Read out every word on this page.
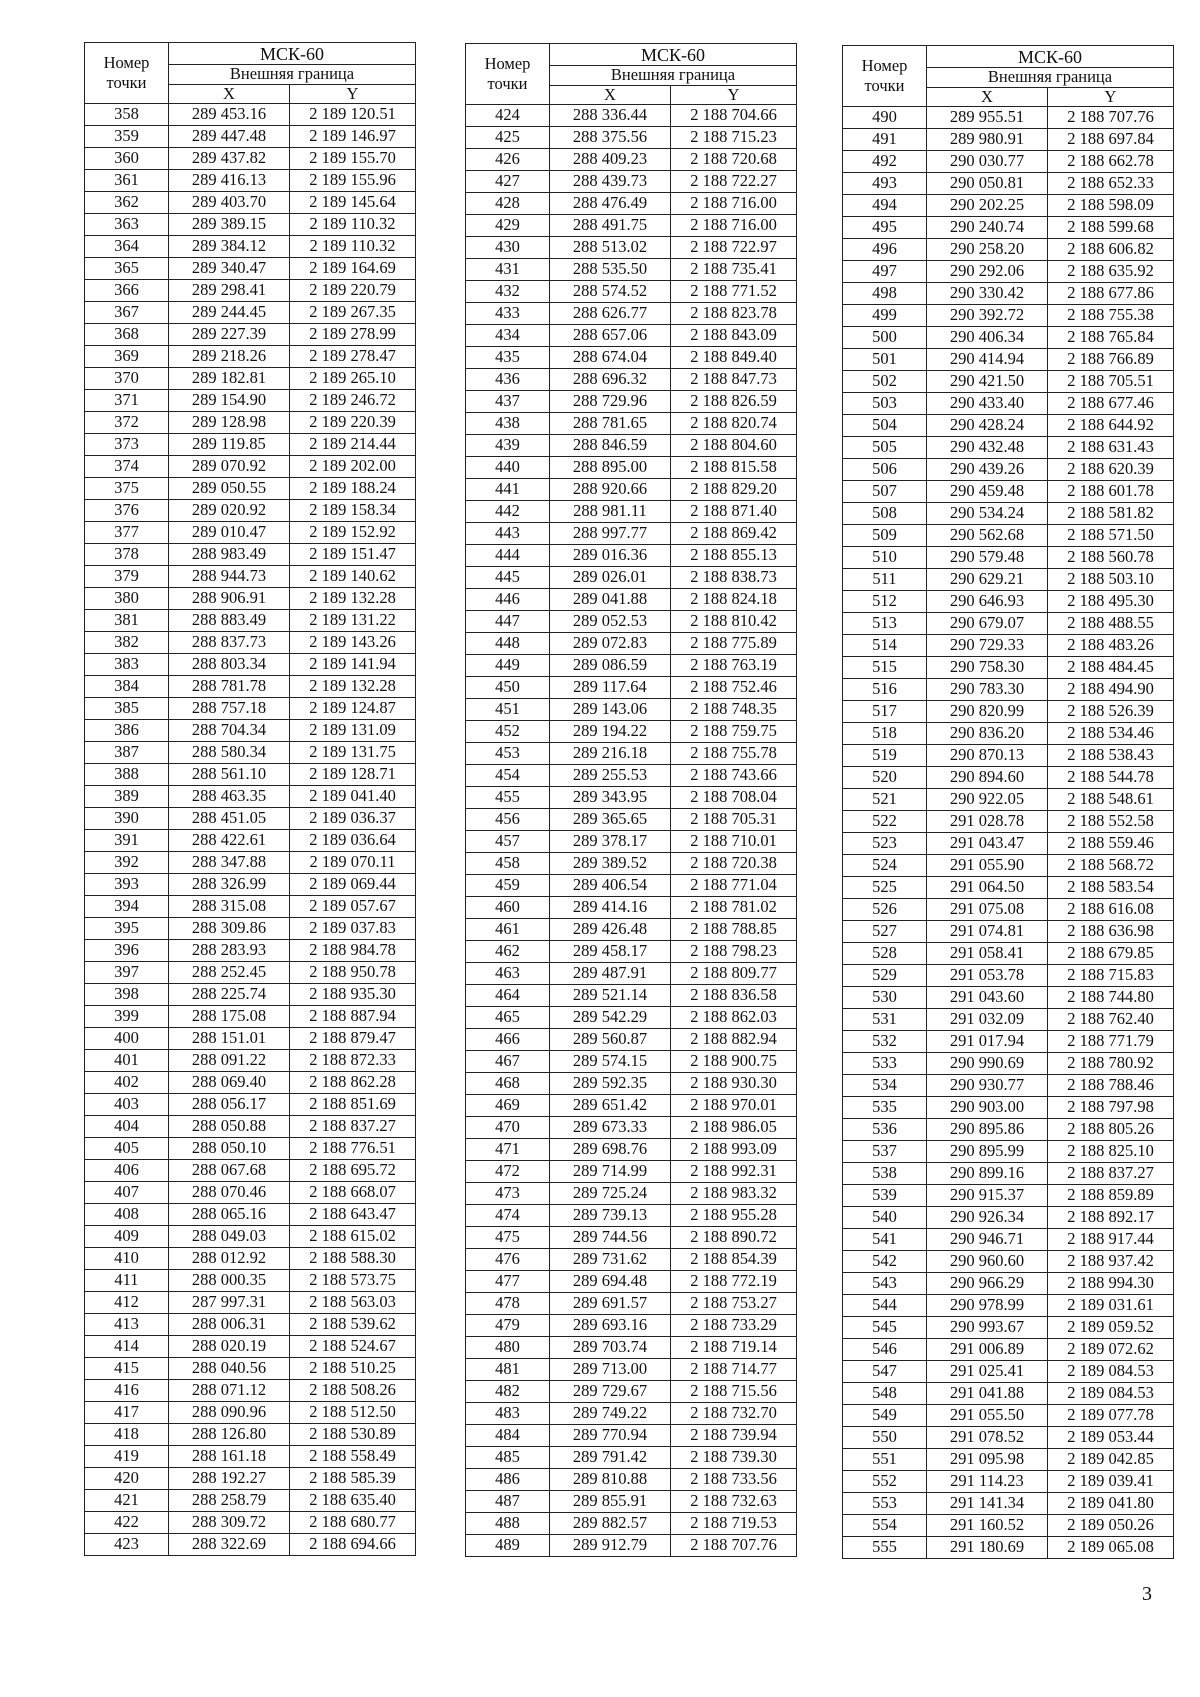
Номер
точки	МСК-60	
	Внешняя граница	
	X	Y
358	289 453.16	2 189 120.51
359	289 447.48	2 189 146.97
360	289 437.82	2 189 155.70
361	289 416.13	2 189 155.96
362	289 403.70	2 189 145.64
363	289 389.15	2 189 110.32
364	289 384.12	2 189 110.32
365	289 340.47	2 189 164.69
366	289 298.41	2 189 220.79
367	289 244.45	2 189 267.35
368	289 227.39	2 189 278.99
369	289 218.26	2 189 278.47
370	289 182.81	2 189 265.10
371	289 154.90	2 189 246.72
372	289 128.98	2 189 220.39
373	289 119.85	2 189 214.44
374	289 070.92	2 189 202.00
375	289 050.55	2 189 188.24
376	289 020.92	2 189 158.34
377	289 010.47	2 189 152.92
378	288 983.49	2 189 151.47
379	288 944.73	2 189 140.62
380	288 906.91	2 189 132.28
381	288 883.49	2 189 131.22
382	288 837.73	2 189 143.26
383	288 803.34	2 189 141.94
384	288 781.78	2 189 132.28
385	288 757.18	2 189 124.87
386	288 704.34	2 189 131.09
387	288 580.34	2 189 131.75
388	288 561.10	2 189 128.71
389	288 463.35	2 189 041.40
390	288 451.05	2 189 036.37
391	288 422.61	2 189 036.64
392	288 347.88	2 189 070.11
393	288 326.99	2 189 069.44
394	288 315.08	2 189 057.67
395	288 309.86	2 189 037.83
396	288 283.93	2 188 984.78
397	288 252.45	2 188 950.78
398	288 225.74	2 188 935.30
399	288 175.08	2 188 887.94
400	288 151.01	2 188 879.47
401	288 091.22	2 188 872.33
402	288 069.40	2 188 862.28
403	288 056.17	2 188 851.69
404	288 050.88	2 188 837.27
405	288 050.10	2 188 776.51
406	288 067.68	2 188 695.72
407	288 070.46	2 188 668.07
408	288 065.16	2 188 643.47
409	288 049.03	2 188 615.02
410	288 012.92	2 188 588.30
411	288 000.35	2 188 573.75
412	287 997.31	2 188 563.03
413	288 006.31	2 188 539.62
414	288 020.19	2 188 524.67
415	288 040.56	2 188 510.25
416	288 071.12	2 188 508.26
417	288 090.96	2 188 512.50
418	288 126.80	2 188 530.89
419	288 161.18	2 188 558.49
420	288 192.27	2 188 585.39
421	288 258.79	2 188 635.40
422	288 309.72	2 188 680.77
423	288 322.69	2 188 694.66
Номер
точки	МСК-60	
	Внешняя граница	
	X	Y
424	288 336.44	2 188 704.66
425	288 375.56	2 188 715.23
426	288 409.23	2 188 720.68
427	288 439.73	2 188 722.27
428	288 476.49	2 188 716.00
429	288 491.75	2 188 716.00
430	288 513.02	2 188 722.97
431	288 535.50	2 188 735.41
432	288 574.52	2 188 771.52
433	288 626.77	2 188 823.78
434	288 657.06	2 188 843.09
435	288 674.04	2 188 849.40
436	288 696.32	2 188 847.73
437	288 729.96	2 188 826.59
438	288 781.65	2 188 820.74
439	288 846.59	2 188 804.60
440	288 895.00	2 188 815.58
441	288 920.66	2 188 829.20
442	288 981.11	2 188 871.40
443	288 997.77	2 188 869.42
444	289 016.36	2 188 855.13
445	289 026.01	2 188 838.73
446	289 041.88	2 188 824.18
447	289 052.53	2 188 810.42
448	289 072.83	2 188 775.89
449	289 086.59	2 188 763.19
450	289 117.64	2 188 752.46
451	289 143.06	2 188 748.35
452	289 194.22	2 188 759.75
453	289 216.18	2 188 755.78
454	289 255.53	2 188 743.66
455	289 343.95	2 188 708.04
456	289 365.65	2 188 705.31
457	289 378.17	2 188 710.01
458	289 389.52	2 188 720.38
459	289 406.54	2 188 771.04
460	289 414.16	2 188 781.02
461	289 426.48	2 188 788.85
462	289 458.17	2 188 798.23
463	289 487.91	2 188 809.77
464	289 521.14	2 188 836.58
465	289 542.29	2 188 862.03
466	289 560.87	2 188 882.94
467	289 574.15	2 188 900.75
468	289 592.35	2 188 930.30
469	289 651.42	2 188 970.01
470	289 673.33	2 188 986.05
471	289 698.76	2 188 993.09
472	289 714.99	2 188 992.31
473	289 725.24	2 188 983.32
474	289 739.13	2 188 955.28
475	289 744.56	2 188 890.72
476	289 731.62	2 188 854.39
477	289 694.48	2 188 772.19
478	289 691.57	2 188 753.27
479	289 693.16	2 188 733.29
480	289 703.74	2 188 719.14
481	289 713.00	2 188 714.77
482	289 729.67	2 188 715.56
483	289 749.22	2 188 732.70
484	289 770.94	2 188 739.94
485	289 791.42	2 188 739.30
486	289 810.88	2 188 733.56
487	289 855.91	2 188 732.63
488	289 882.57	2 188 719.53
489	289 912.79	2 188 707.76
Номер
точки	МСК-60	
	Внешняя граница	
	X	Y
490	289 955.51	2 188 707.76
491	289 980.91	2 188 697.84
492	290 030.77	2 188 662.78
493	290 050.81	2 188 652.33
494	290 202.25	2 188 598.09
495	290 240.74	2 188 599.68
496	290 258.20	2 188 606.82
497	290 292.06	2 188 635.92
498	290 330.42	2 188 677.86
499	290 392.72	2 188 755.38
500	290 406.34	2 188 765.84
501	290 414.94	2 188 766.89
502	290 421.50	2 188 705.51
503	290 433.40	2 188 677.46
504	290 428.24	2 188 644.92
505	290 432.48	2 188 631.43
506	290 439.26	2 188 620.39
507	290 459.48	2 188 601.78
508	290 534.24	2 188 581.82
509	290 562.68	2 188 571.50
510	290 579.48	2 188 560.78
511	290 629.21	2 188 503.10
512	290 646.93	2 188 495.30
513	290 679.07	2 188 488.55
514	290 729.33	2 188 483.26
515	290 758.30	2 188 484.45
516	290 783.30	2 188 494.90
517	290 820.99	2 188 526.39
518	290 836.20	2 188 534.46
519	290 870.13	2 188 538.43
520	290 894.60	2 188 544.78
521	290 922.05	2 188 548.61
522	291 028.78	2 188 552.58
523	291 043.47	2 188 559.46
524	291 055.90	2 188 568.72
525	291 064.50	2 188 583.54
526	291 075.08	2 188 616.08
527	291 074.81	2 188 636.98
528	291 058.41	2 188 679.85
529	291 053.78	2 188 715.83
530	291 043.60	2 188 744.80
531	291 032.09	2 188 762.40
532	291 017.94	2 188 771.79
533	290 990.69	2 188 780.92
534	290 930.77	2 188 788.46
535	290 903.00	2 188 797.98
536	290 895.86	2 188 805.26
537	290 895.99	2 188 825.10
538	290 899.16	2 188 837.27
539	290 915.37	2 188 859.89
540	290 926.34	2 188 892.17
541	290 946.71	2 188 917.44
542	290 960.60	2 188 937.42
543	290 966.29	2 188 994.30
544	290 978.99	2 189 031.61
545	290 993.67	2 189 059.52
546	291 006.89	2 189 072.62
547	291 025.41	2 189 084.53
548	291 041.88	2 189 084.53
549	291 055.50	2 189 077.78
550	291 078.52	2 189 053.44
551	291 095.98	2 189 042.85
552	291 114.23	2 189 039.41
553	291 141.34	2 189 041.80
554	291 160.52	2 189 050.26
555	291 180.69	2 189 065.08
3
